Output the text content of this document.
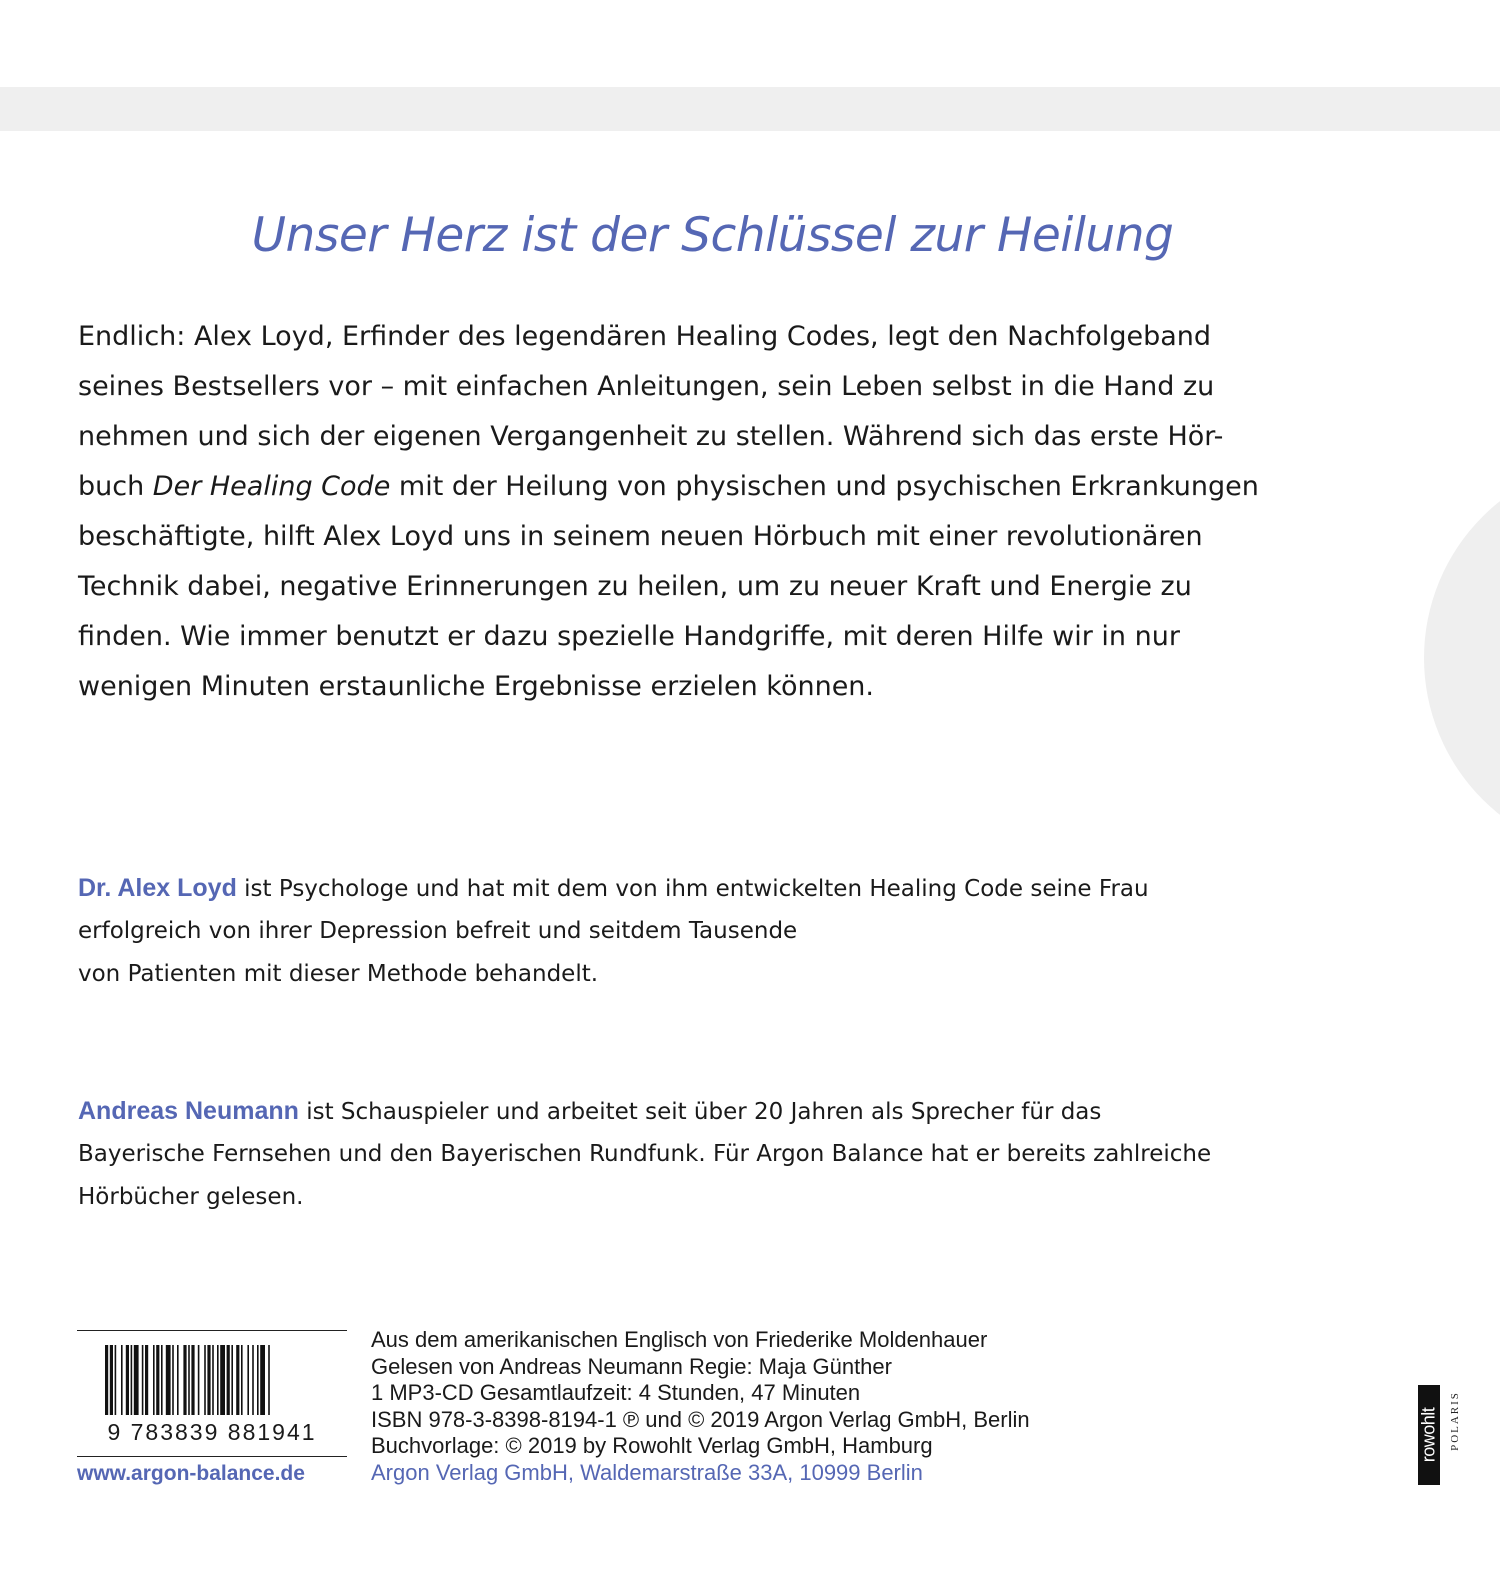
Unser Herz ist der Schlüssel zur Heilung
Endlich: Alex Loyd, Erfinder des legendären Healing Codes, legt den Nachfolgeband
seines Bestsellers vor – mit einfachen Anleitungen, sein Leben selbst in die Hand zu
nehmen und sich der eigenen Vergangenheit zu stellen. Während sich das erste Hör-
buch Der Healing Code mit der Heilung von physischen und psychischen Erkrankungen
beschäftigte, hilft Alex Loyd uns in seinem neuen Hörbuch mit einer revolutionären
Technik dabei, negative Erinnerungen zu heilen, um zu neuer Kraft und Energie zu
finden. Wie immer benutzt er dazu spezielle Handgriffe, mit deren Hilfe wir in nur
wenigen Minuten erstaunliche Ergebnisse erzielen können.
Dr. Alex Loyd ist Psychologe und hat mit dem von ihm entwickelten Healing Code seine Frau
erfolgreich von ihrer Depression befreit und seitdem Tausende
von Patienten mit dieser Methode behandelt.
Andreas Neumann ist Schauspieler und arbeitet seit über 20 Jahren als Sprecher für das
Bayerische Fernsehen und den Bayerischen Rundfunk. Für Argon Balance hat er bereits zahlreiche
Hörbücher gelesen.
9 783839 881941
www.argon-balance.de
Aus dem amerikanischen Englisch von Friederike Moldenhauer
Gelesen von Andreas Neumann Regie: Maja Günther
1 MP3-CD Gesamtlaufzeit: 4 Stunden, 47 Minuten
ISBN 978-3-8398-8194-1 ℗ und © 2019 Argon Verlag GmbH, Berlin
Buchvorlage: © 2019 by Rowohlt Verlag GmbH, Hamburg
Argon Verlag GmbH, Waldemarstraße 33A, 10999 Berlin
rowohlt POLARIS
